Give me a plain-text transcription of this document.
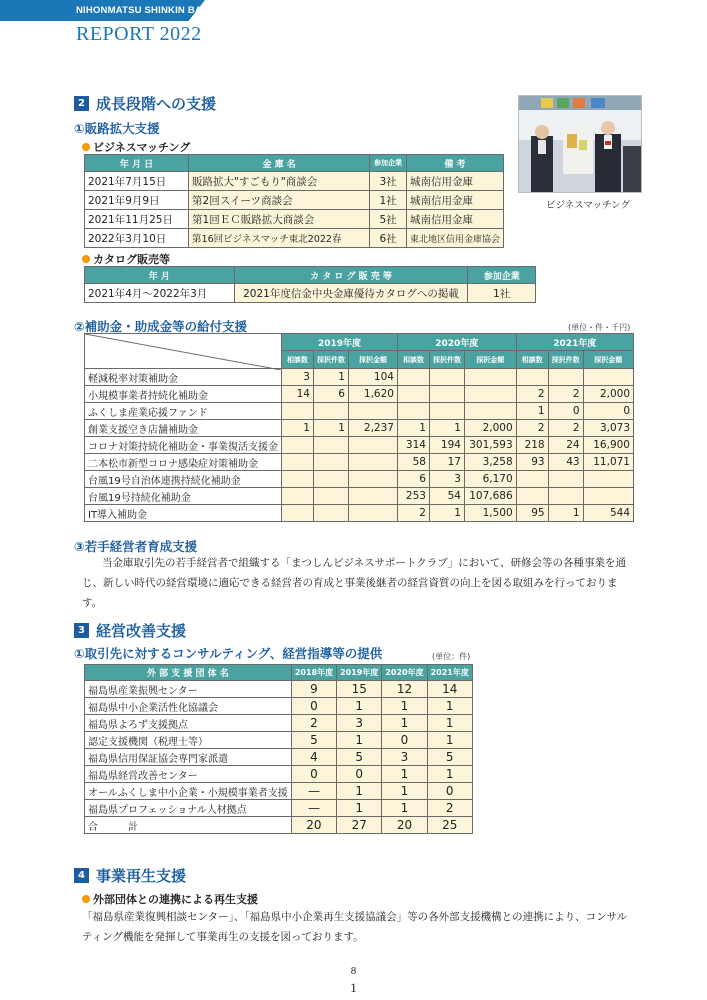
NIHONMATSU SHINKIN BANK
REPORT 2022
2 成長段階への支援
①販路拡大支援
ビジネスマッチング
年 月 日	金 庫 名	参加企業	備 考
2021年7月15日	販路拡大"すごもり"商談会	3社	城南信用金庫
2021年9月9日	第2回スイーツ商談会	1社	城南信用金庫
2021年11月25日	第1回ＥＣ販路拡大商談会	5社	城南信用金庫
2022年3月10日	第16回ビジネスマッチ東北2022春	6社	東北地区信用金庫協会
ビジネスマッチング
カタログ販売等
年 月	カ タ ロ グ 販 売 等	参加企業
2021年4月～2022年3月	2021年度信金中央金庫優待カタログへの掲載	1社
②補助金・助成金等の給付支援	(単位・件・千円)
	2019年度			2020年度			2021年度		
	相談数	採択件数	採択金額	相談数	採択件数	採択金額	相談数	採択件数	採択金額
軽減税率対策補助金	3	1	104						
小規模事業者持続化補助金	14	6	1,620				2	2	2,000
ふくしま産業応援ファンド							1	0	0
創業支援空き店舗補助金	1	1	2,237	1	1	2,000	2	2	3,073
コロナ対策持続化補助金・事業復活支援金				314	194	301,593	218	24	16,900
二本松市新型コロナ感染症対策補助金				58	17	3,258	93	43	11,071
台風19号自治体連携持続化補助金				6	3	6,170			
台風19号持続化補助金				253	54	107,686			
IT導入補助金				2	1	1,500	95	1	544
③若手経営者育成支援
当金庫取引先の若手経営者で組織する「まつしんビジネスサポートクラブ」において、研修会等の各種事業を通じ、新しい時代の経営環境に適応できる経営者の育成と事業後継者の経営資質の向上を図る取組みを行っております。
3 経営改善支援
①取引先に対するコンサルティング、経営指導等の提供	(単位：件)
外 部 支 援 団 体 名	2018年度	2019年度	2020年度	2021年度
福島県産業振興センター	9	15	12	14
福島県中小企業活性化協議会	0	1	1	1
福島県よろず支援拠点	2	3	1	1
認定支援機関（税理士等）	5	1	0	1
福島県信用保証協会専門家派遣	4	5	3	5
福島県経営改善センター	0	0	1	1
オールふくしま中小企業・小規模事業者支援	—	1	1	0
福島県プロフェッショナル人材拠点	—	1	1	2
合　　　計	20	27	20	25
4 事業再生支援
外部団体との連携による再生支援
「福島県産業復興相談センター」、「福島県中小企業再生支援協議会」等の各外部支援機構との連携により、コンサルティング機能を発揮して事業再生の支援を図っております。
8
1
